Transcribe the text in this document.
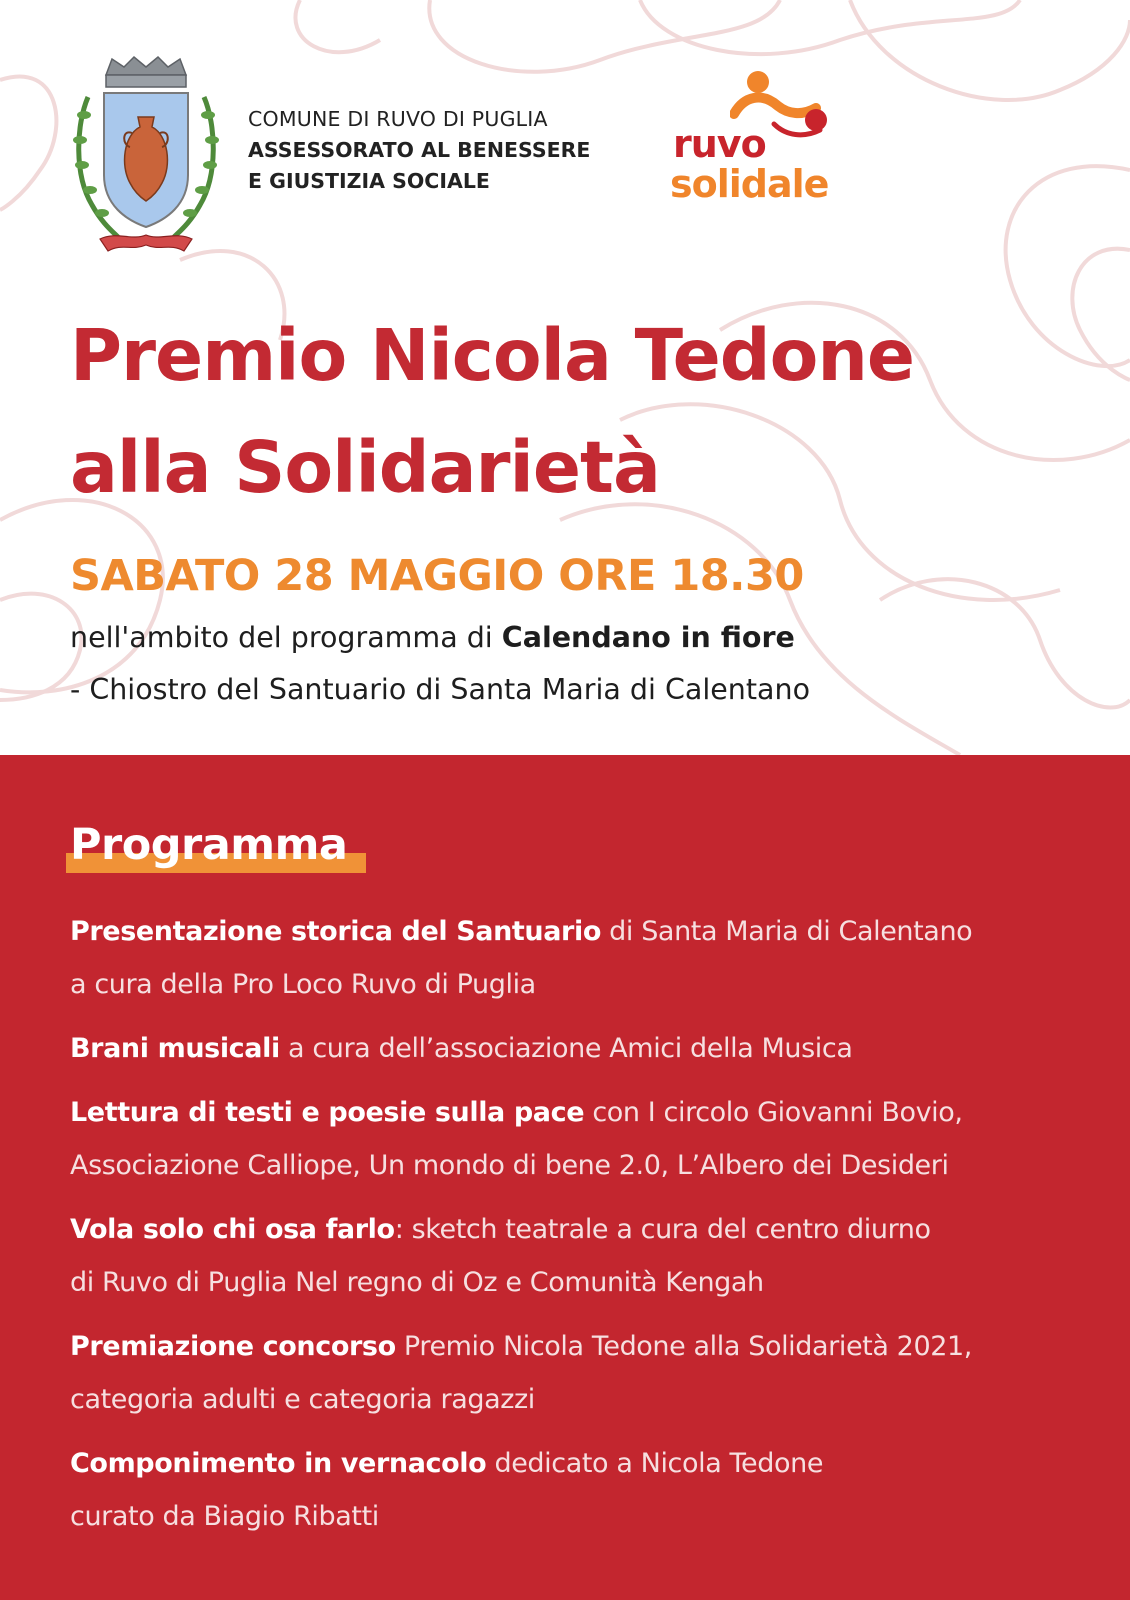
COMUNE DI RUVO DI PUGLIA
ASSESSORATO AL BENESSERE
E GIUSTIZIA SOCIALE
ruvo
solidale
Premio Nicola Tedone
alla Solidarietà
SABATO 28 MAGGIO ORE 18.30
nell'ambito del programma di Calendano in fiore
- Chiostro del Santuario di Santa Maria di Calentano
Programma
Presentazione storica del Santuario di Santa Maria di Calentano
a cura della Pro Loco Ruvo di Puglia
Brani musicali a cura dell’associazione Amici della Musica
Lettura di testi e poesie sulla pace con I circolo Giovanni Bovio,
Associazione Calliope, Un mondo di bene 2.0, L’Albero dei Desideri
Vola solo chi osa farlo: sketch teatrale a cura del centro diurno
di Ruvo di Puglia Nel regno di Oz e Comunità Kengah
Premiazione concorso Premio Nicola Tedone alla Solidarietà 2021,
categoria adulti e categoria ragazzi
Componimento in vernacolo dedicato a Nicola Tedone
curato da Biagio Ribatti
